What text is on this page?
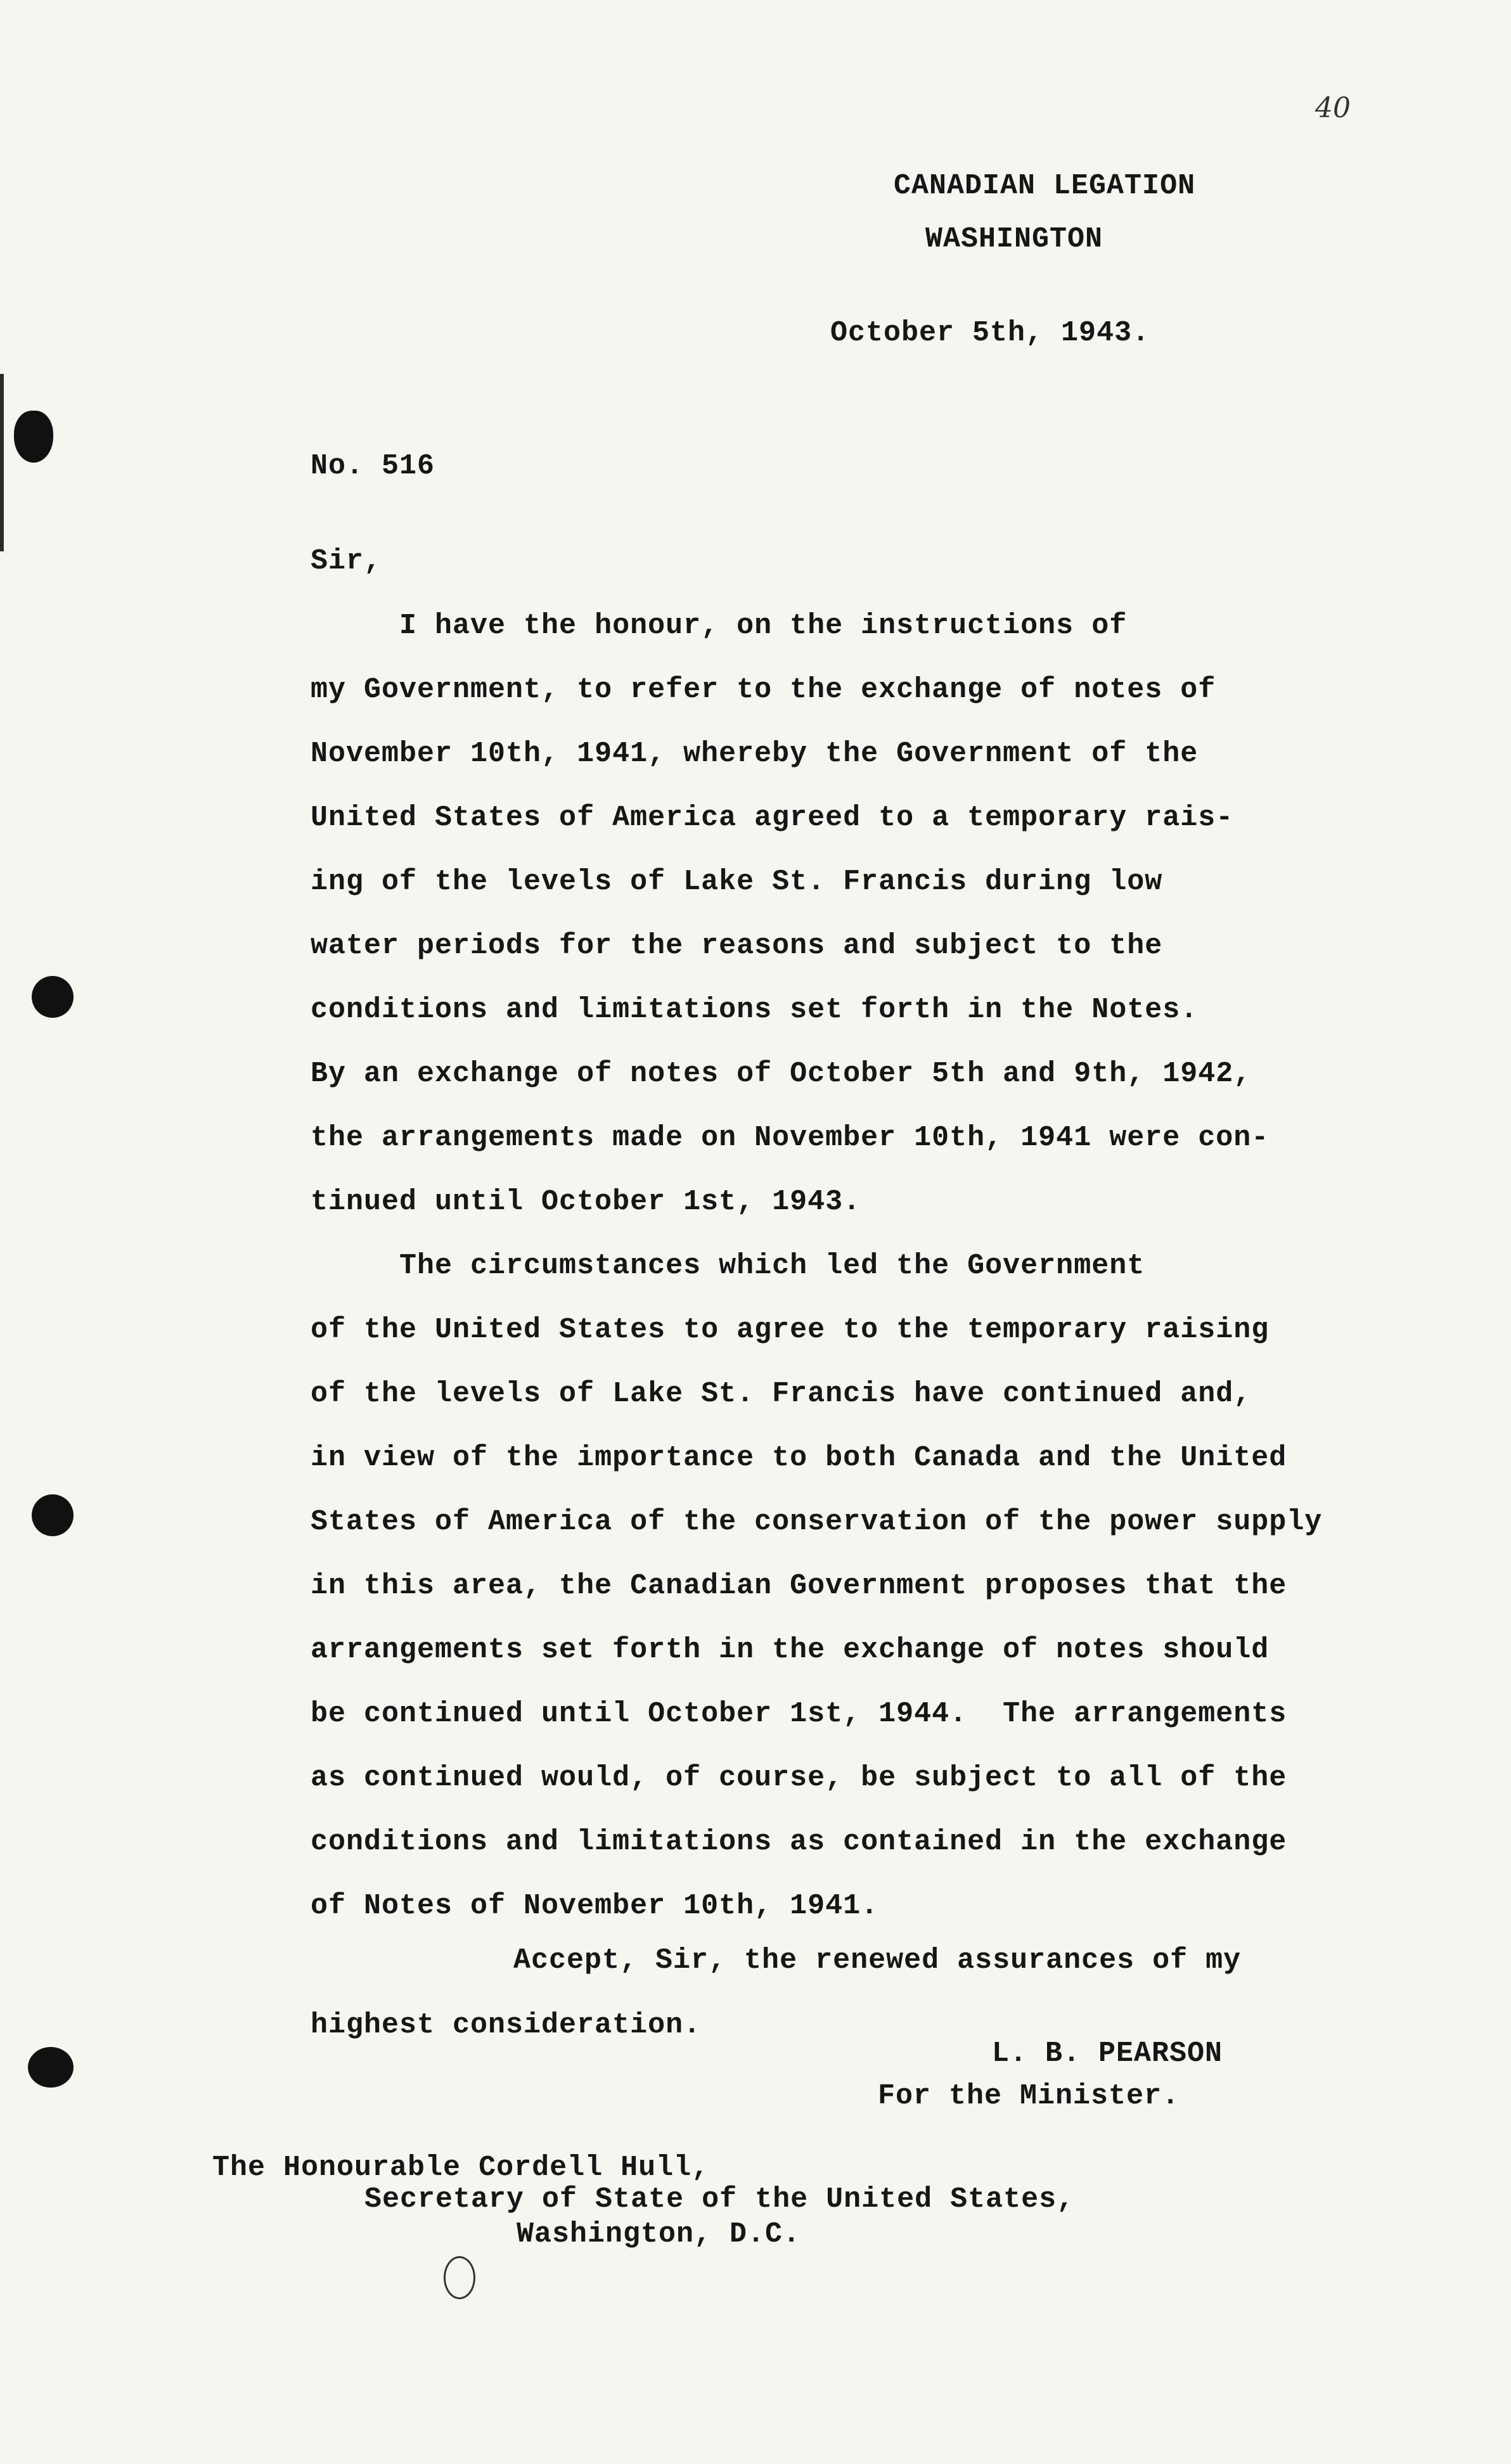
40
CANADIAN LEGATION
WASHINGTON
October 5th, 1943.
No. 516
Sir,
I have the honour, on the instructions of
my Government, to refer to the exchange of notes of
November 10th, 1941, whereby the Government of the
United States of America agreed to a temporary rais-
ing of the levels of Lake St. Francis during low
water periods for the reasons and subject to the
conditions and limitations set forth in the Notes.
By an exchange of notes of October 5th and 9th, 1942,
the arrangements made on November 10th, 1941 were con-
tinued until October 1st, 1943.
The circumstances which led the Government
of the United States to agree to the temporary raising
of the levels of Lake St. Francis have continued and,
in view of the importance to both Canada and the United
States of America of the conservation of the power supply
in this area, the Canadian Government proposes that the
arrangements set forth in the exchange of notes should
be continued until October 1st, 1944.  The arrangements
as continued would, of course, be subject to all of the
conditions and limitations as contained in the exchange
of Notes of November 10th, 1941.
Accept, Sir, the renewed assurances of my
highest consideration.
L. B. PEARSON
For the Minister.
The Honourable Cordell Hull,
Secretary of State of the United States,
Washington, D.C.
